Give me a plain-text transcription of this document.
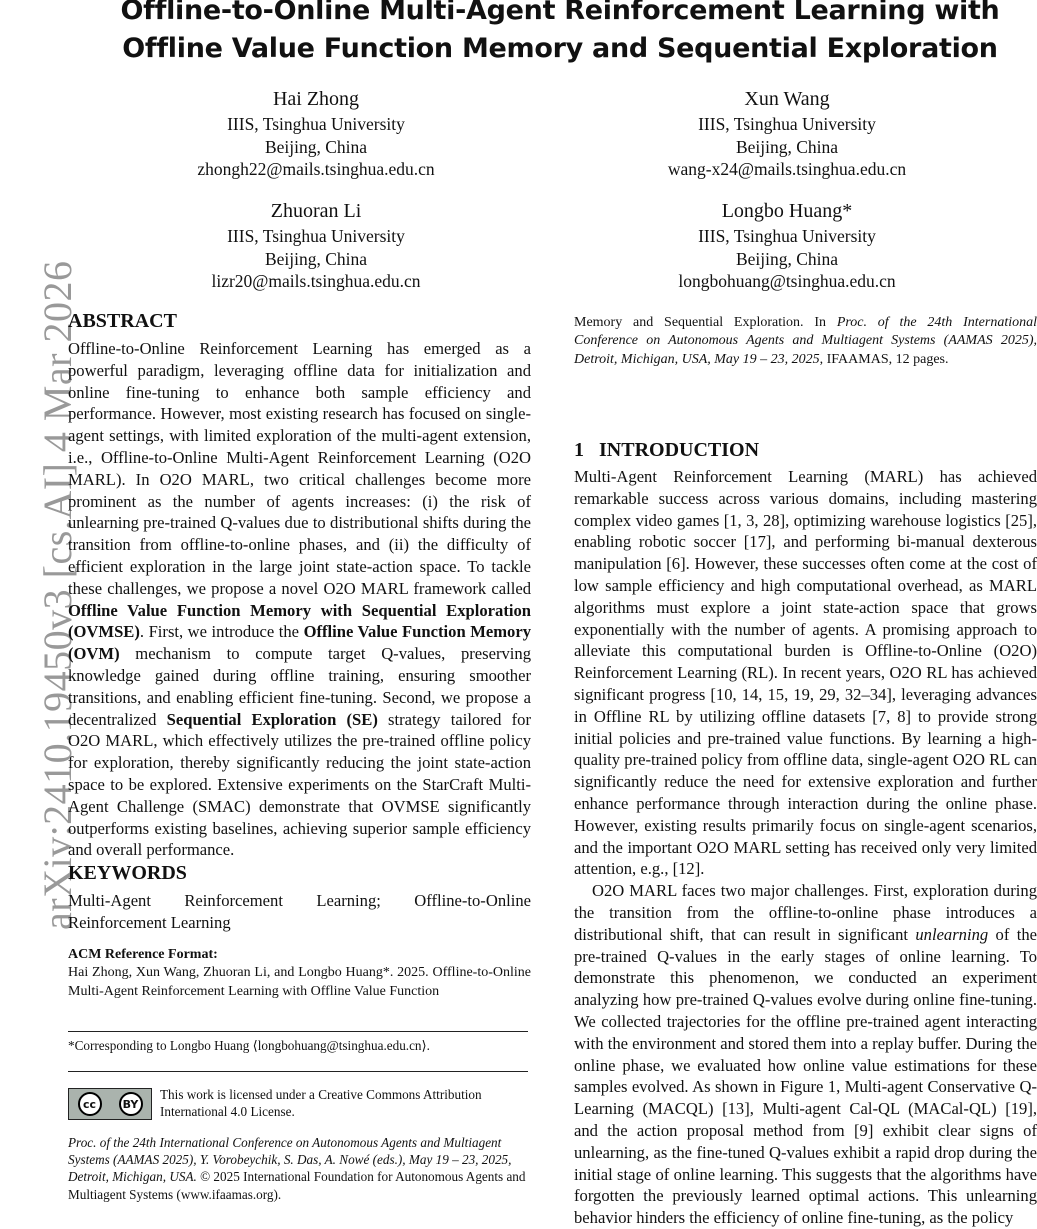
arXiv:2410.19450v3 [cs.AI] 4 Mar 2026
Offline-to-Online Multi-Agent Reinforcement Learning with
Offline Value Function Memory and Sequential Exploration
Hai Zhong
IIIS, Tsinghua University
Beijing, China
zhongh22@mails.tsinghua.edu.cn
Xun Wang
IIIS, Tsinghua University
Beijing, China
wang-x24@mails.tsinghua.edu.cn
Zhuoran Li
IIIS, Tsinghua University
Beijing, China
lizr20@mails.tsinghua.edu.cn
Longbo Huang*
IIIS, Tsinghua University
Beijing, China
longbohuang@tsinghua.edu.cn
ABSTRACT

Offline-to-Online Reinforcement Learning has emerged as a powerful paradigm, leveraging offline data for initialization and online fine-tuning to enhance both sample efficiency and performance. However, most existing research has focused on single-agent settings, with limited exploration of the multi-agent extension, i.e., Offline-to-Online Multi-Agent Reinforcement Learning (O2O MARL). In O2O MARL, two critical challenges become more prominent as the number of agents increases: (i) the risk of unlearning pre-trained Q-values due to distributional shifts during the transition from offline-to-online phases, and (ii) the difficulty of efficient exploration in the large joint state-action space. To tackle these challenges, we propose a novel O2O MARL framework called Offline Value Function Memory with Sequential Exploration (OVMSE). First, we introduce the Offline Value Function Memory (OVM) mechanism to compute target Q-values, preserving knowledge gained during offline training, ensuring smoother transitions, and enabling efficient fine-tuning. Second, we propose a decentralized Sequential Exploration (SE) strategy tailored for O2O MARL, which effectively utilizes the pre-trained offline policy for exploration, thereby significantly reducing the joint state-action space to be explored. Extensive experiments on the StarCraft Multi-Agent Challenge (SMAC) demonstrate that OVMSE significantly outperforms existing baselines, achieving superior sample efficiency and overall performance.

KEYWORDS

Multi-Agent Reinforcement Learning; Offline-to-Online Reinforcement Learning

ACM Reference Format:
Hai Zhong, Xun Wang, Zhuoran Li, and Longbo Huang*. 2025. Offline-to-Online Multi-Agent Reinforcement Learning with Offline Value Function
*Corresponding to Longbo Huang ⟨longbohuang@tsinghua.edu.cn⟩.
cc	BY
This work is licensed under a Creative Commons Attribution International 4.0 License.
Proc. of the 24th International Conference on Autonomous Agents and Multiagent Systems (AAMAS 2025), Y. Vorobeychik, S. Das, A. Nowé (eds.), May 19 – 23, 2025, Detroit, Michigan, USA. © 2025 International Foundation for Autonomous Agents and Multiagent Systems (www.ifaamas.org).
Memory and Sequential Exploration. In Proc. of the 24th International Conference on Autonomous Agents and Multiagent Systems (AAMAS 2025), Detroit, Michigan, USA, May 19 – 23, 2025, IFAAMAS, 12 pages.
1   INTRODUCTION

Multi-Agent Reinforcement Learning (MARL) has achieved remarkable success across various domains, including mastering complex video games [1, 3, 28], optimizing warehouse logistics [25], enabling robotic soccer [17], and performing bi-manual dexterous manipulation [6]. However, these successes often come at the cost of low sample efficiency and high computational overhead, as MARL algorithms must explore a joint state-action space that grows exponentially with the number of agents. A promising approach to alleviate this computational burden is Offline-to-Online (O2O) Reinforcement Learning (RL). In recent years, O2O RL has achieved significant progress [10, 14, 15, 19, 29, 32–34], leveraging advances in Offline RL by utilizing offline datasets [7, 8] to provide strong initial policies and pre-trained value functions. By learning a high-quality pre-trained policy from offline data, single-agent O2O RL can significantly reduce the need for extensive exploration and further enhance performance through interaction during the online phase. However, existing results primarily focus on single-agent scenarios, and the important O2O MARL setting has received only very limited attention, e.g., [12].

O2O MARL faces two major challenges. First, exploration during the transition from the offline-to-online phase introduces a distributional shift, that can result in significant unlearning of the pre-trained Q-values in the early stages of online learning. To demonstrate this phenomenon, we conducted an experiment analyzing how pre-trained Q-values evolve during online fine-tuning. We collected trajectories for the offline pre-trained agent interacting with the environment and stored them into a replay buffer. During the online phase, we evaluated how online value estimations for these samples evolved. As shown in Figure 1, Multi-agent Conservative Q-Learning (MACQL) [13], Multi-agent Cal-QL (MACal-QL) [19], and the action proposal method from [9] exhibit clear signs of unlearning, as the fine-tuned Q-values exhibit a rapid drop during the initial stage of online learning. This suggests that the algorithms have forgotten the previously learned optimal actions. This unlearning behavior hinders the efficiency of online fine-tuning, as the policy
